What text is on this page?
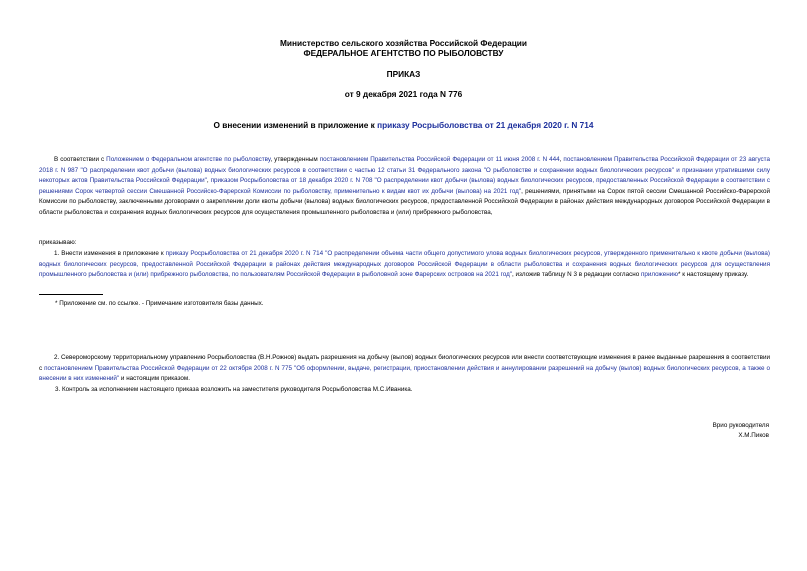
Министерство сельского хозяйства Российской Федерации
ФЕДЕРАЛЬНОЕ АГЕНТСТВО ПО РЫБОЛОВСТВУ
ПРИКАЗ
от 9 декабря 2021 года N 776
О внесении изменений в приложение к приказу Росрыболовства от 21 декабря 2020 г. N 714
В соответствии с Положением о Федеральном агентстве по рыболовству, утвержденным постановлением Правительства Российской Федерации от 11 июня 2008 г. N 444, постановлением Правительства Российской Федерации от 23 августа 2018 г. N 987 "О распределении квот добычи (вылова) водных биологических ресурсов в соответствии с частью 12 статьи 31 Федерального закона "О рыболовстве и сохранении водных биологических ресурсов" и признании утратившими силу некоторых актов Правительства Российской Федерации", приказом Росрыболовства от 18 декабря 2020 г. N 708 "О распределении квот добычи (вылова) водных биологических ресурсов, предоставленных Российской Федерации в соответствии с решениями Сорок четвертой сессии Смешанной Российско-Фарерской Комиссии по рыболовству, применительно к видам квот их добычи (вылова) на 2021 год", решениями, принятыми на Сорок пятой сессии Смешанной Российско-Фарерской Комиссии по рыболовству, заключенными договорами о закреплении доли квоты добычи (вылова) водных биологических ресурсов, предоставленной Российской Федерации в районах действия международных договоров Российской Федерации в области рыболовства и сохранения водных биологических ресурсов для осуществления промышленного рыболовства и (или) прибрежного рыболовства,
приказываю:
1. Внести изменения в приложение к приказу Росрыболовства от 21 декабря 2020 г. N 714 "О распределении объема части общего допустимого улова водных биологических ресурсов, утвержденного применительно к квоте добычи (вылова) водных биологических ресурсов, предоставленной Российской Федерации в районах действия международных договоров Российской Федерации в области рыболовства и сохранения водных биологических ресурсов для осуществления промышленного рыболовства и (или) прибрежного рыболовства, по пользователям Российской Федерации в рыболовной зоне Фарерских островов на 2021 год", изложив таблицу N 3 в редакции согласно приложению* к настоящему приказу.
* Приложение см. по ссылке. - Примечание изготовителя базы данных.
2. Североморскому территориальному управлению Росрыболовства (В.Н.Рожнов) выдать разрешения на добычу (вылов) водных биологических ресурсов или внести соответствующие изменения в ранее выданные разрешения в соответствии с постановлением Правительства Российской Федерации от 22 октября 2008 г. N 775 "Об оформлении, выдаче, регистрации, приостановлении действия и аннулировании разрешений на добычу (вылов) водных биологических ресурсов, а также о внесении в них изменений" и настоящим приказом.
3. Контроль за исполнением настоящего приказа возложить на заместителя руководителя Росрыболовства М.С.Иваника.
Врио руководителя
Х.М.Пиков
